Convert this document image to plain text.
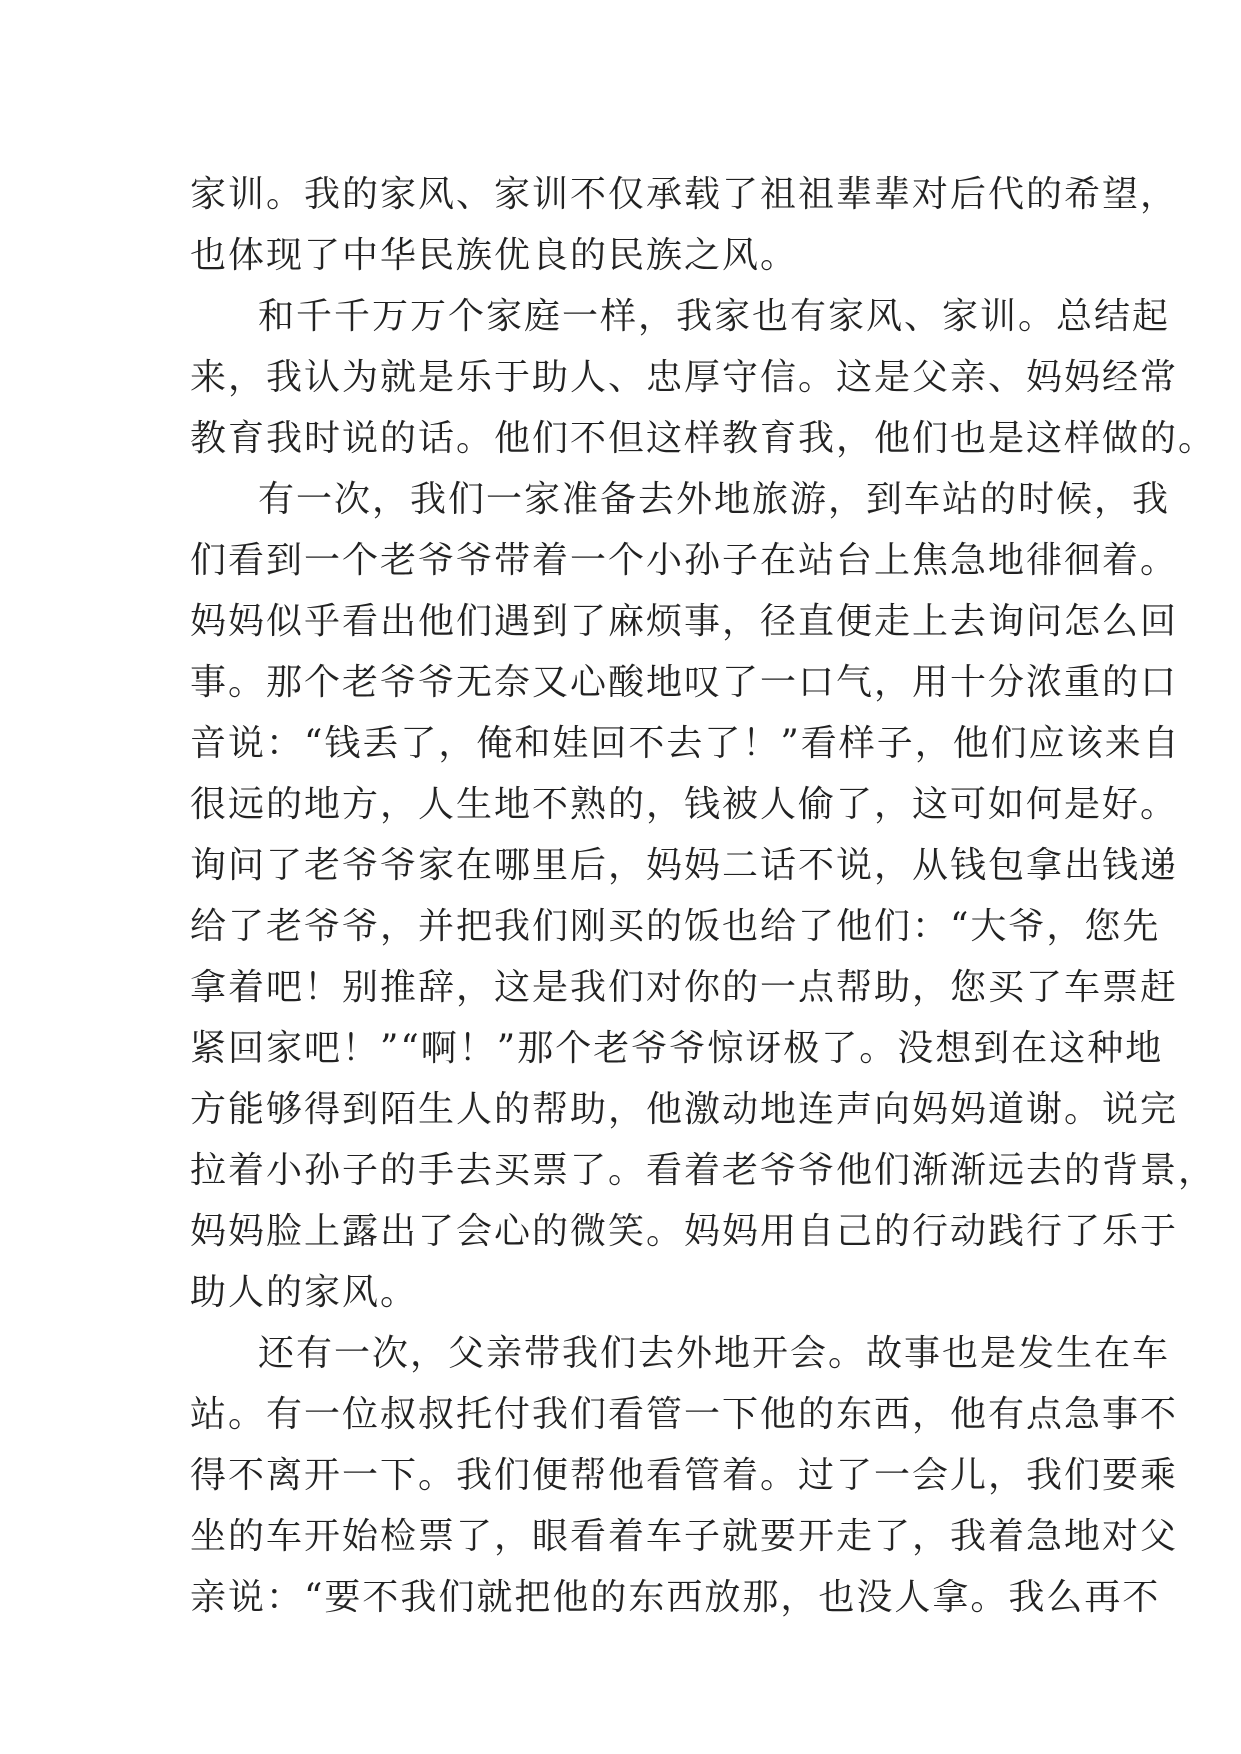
家训。我的家风、家训不仅承载了祖祖辈辈对后代的希望，
也体现了中华民族优良的民族之风。
和千千万万个家庭一样，我家也有家风、家训。总结起
来，我认为就是乐于助人、忠厚守信。这是父亲、妈妈经常
教育我时说的话。他们不但这样教育我，他们也是这样做的。
有一次，我们一家准备去外地旅游，到车站的时候，我
们看到一个老爷爷带着一个小孙子在站台上焦急地徘徊着。
妈妈似乎看出他们遇到了麻烦事，径直便走上去询问怎么回
事。那个老爷爷无奈又心酸地叹了一口气，用十分浓重的口
音说：“钱丢了，俺和娃回不去了！”看样子，他们应该来自
很远的地方，人生地不熟的，钱被人偷了，这可如何是好。
询问了老爷爷家在哪里后，妈妈二话不说，从钱包拿出钱递
给了老爷爷，并把我们刚买的饭也给了他们：“大爷，您先
拿着吧！别推辞，这是我们对你的一点帮助，您买了车票赶
紧回家吧！”“啊！”那个老爷爷惊讶极了。没想到在这种地
方能够得到陌生人的帮助，他激动地连声向妈妈道谢。说完
拉着小孙子的手去买票了。看着老爷爷他们渐渐远去的背景，
妈妈脸上露出了会心的微笑。妈妈用自己的行动践行了乐于
助人的家风。
还有一次，父亲带我们去外地开会。故事也是发生在车
站。有一位叔叔托付我们看管一下他的东西，他有点急事不
得不离开一下。我们便帮他看管着。过了一会儿，我们要乘
坐的车开始检票了，眼看着车子就要开走了，我着急地对父
亲说：“要不我们就把他的东西放那，也没人拿。我么再不
